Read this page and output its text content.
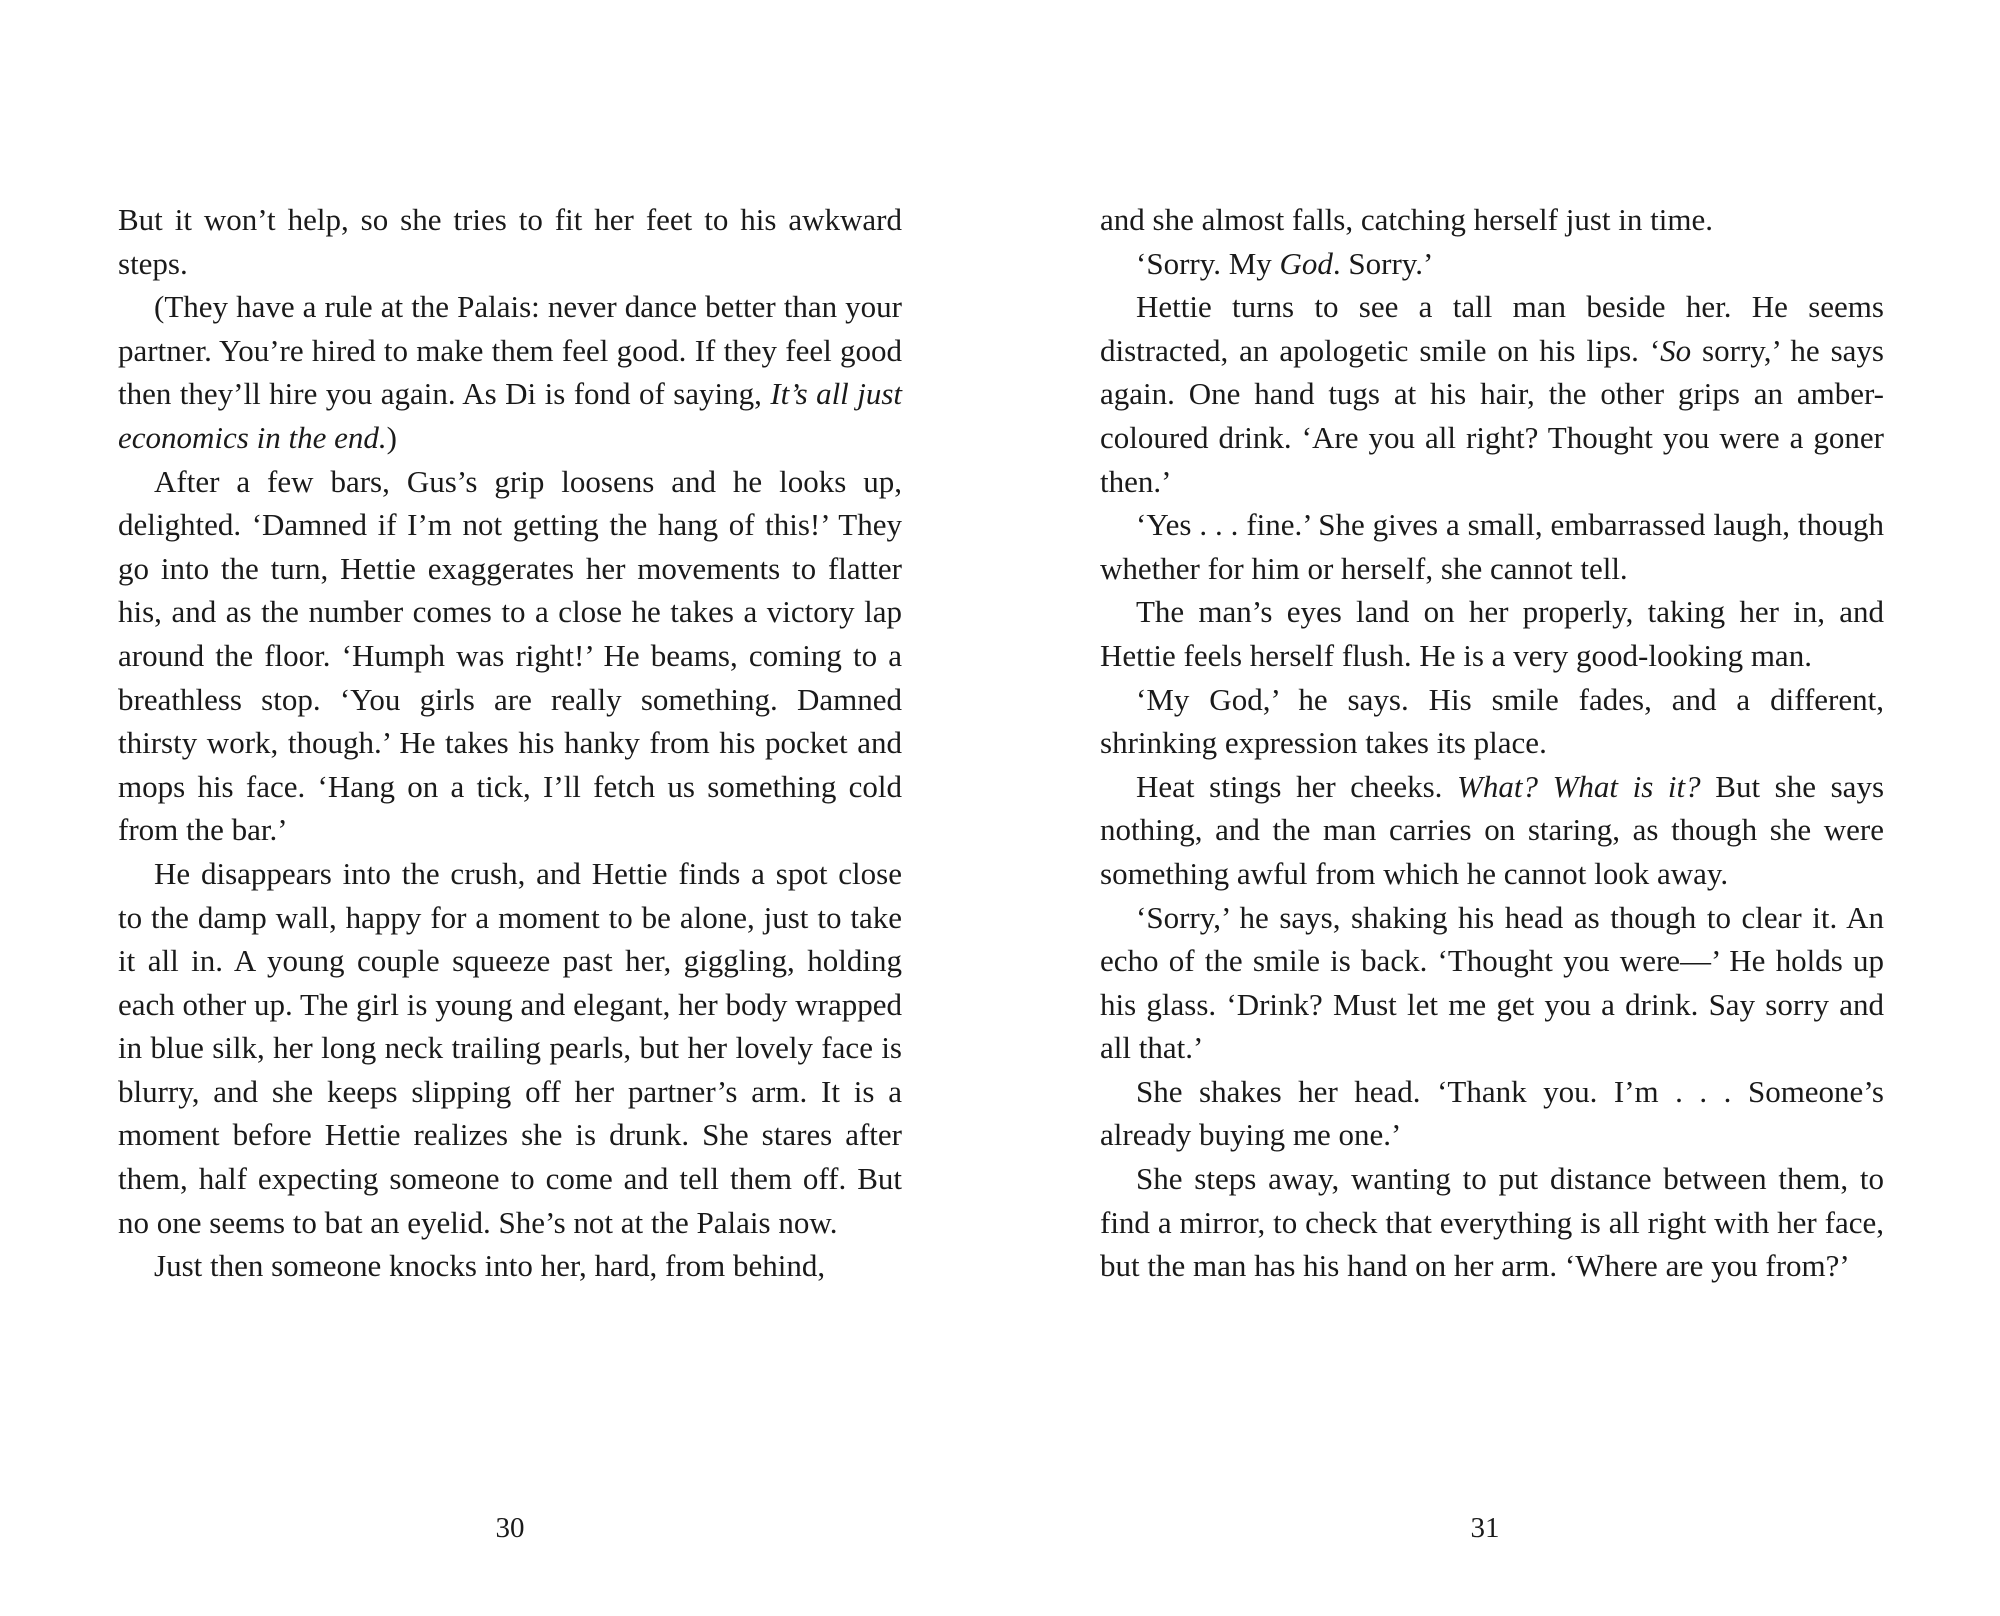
But it won’t help, so she tries to fit her feet to his awkward steps.

(They have a rule at the Palais: never dance better than your partner. You’re hired to make them feel good. If they feel good then they’ll hire you again. As Di is fond of saying, It’s all just economics in the end.)

After a few bars, Gus’s grip loosens and he looks up, delighted. ‘Damned if I’m not getting the hang of this!’ They go into the turn, Hettie exaggerates her movements to flatter his, and as the number comes to a close he takes a victory lap around the floor. ‘Humph was right!’ He beams, coming to a breathless stop. ‘You girls are really something. Damned thirsty work, though.’ He takes his hanky from his pocket and mops his face. ‘Hang on a tick, I’ll fetch us something cold from the bar.’

He disappears into the crush, and Hettie finds a spot close to the damp wall, happy for a moment to be alone, just to take it all in. A young couple squeeze past her, giggling, holding each other up. The girl is young and elegant, her body wrapped in blue silk, her long neck trailing pearls, but her lovely face is blurry, and she keeps slipping off her partner’s arm. It is a moment before Hettie realizes she is drunk. She stares after them, half expecting someone to come and tell them off. But no one seems to bat an eyelid. She’s not at the Palais now.

Just then someone knocks into her, hard, from behind,

30

and she almost falls, catching herself just in time.

‘Sorry. My God. Sorry.’

Hettie turns to see a tall man beside her. He seems distracted, an apologetic smile on his lips. ‘So sorry,’ he says again. One hand tugs at his hair, the other grips an amber-coloured drink. ‘Are you all right? Thought you were a goner then.’

‘Yes . . . fine.’ She gives a small, embarrassed laugh, though whether for him or herself, she cannot tell.

The man’s eyes land on her properly, taking her in, and Hettie feels herself flush. He is a very good-looking man.

‘My God,’ he says. His smile fades, and a different, shrinking expression takes its place.

Heat stings her cheeks. What? What is it? But she says nothing, and the man carries on staring, as though she were something awful from which he cannot look away.

‘Sorry,’ he says, shaking his head as though to clear it. An echo of the smile is back. ‘Thought you were—’ He holds up his glass. ‘Drink? Must let me get you a drink. Say sorry and all that.’

She shakes her head. ‘Thank you. I’m . . . Someone’s already buying me one.’

She steps away, wanting to put distance between them, to find a mirror, to check that everything is all right with her face, but the man has his hand on her arm. ‘Where are you from?’

31
